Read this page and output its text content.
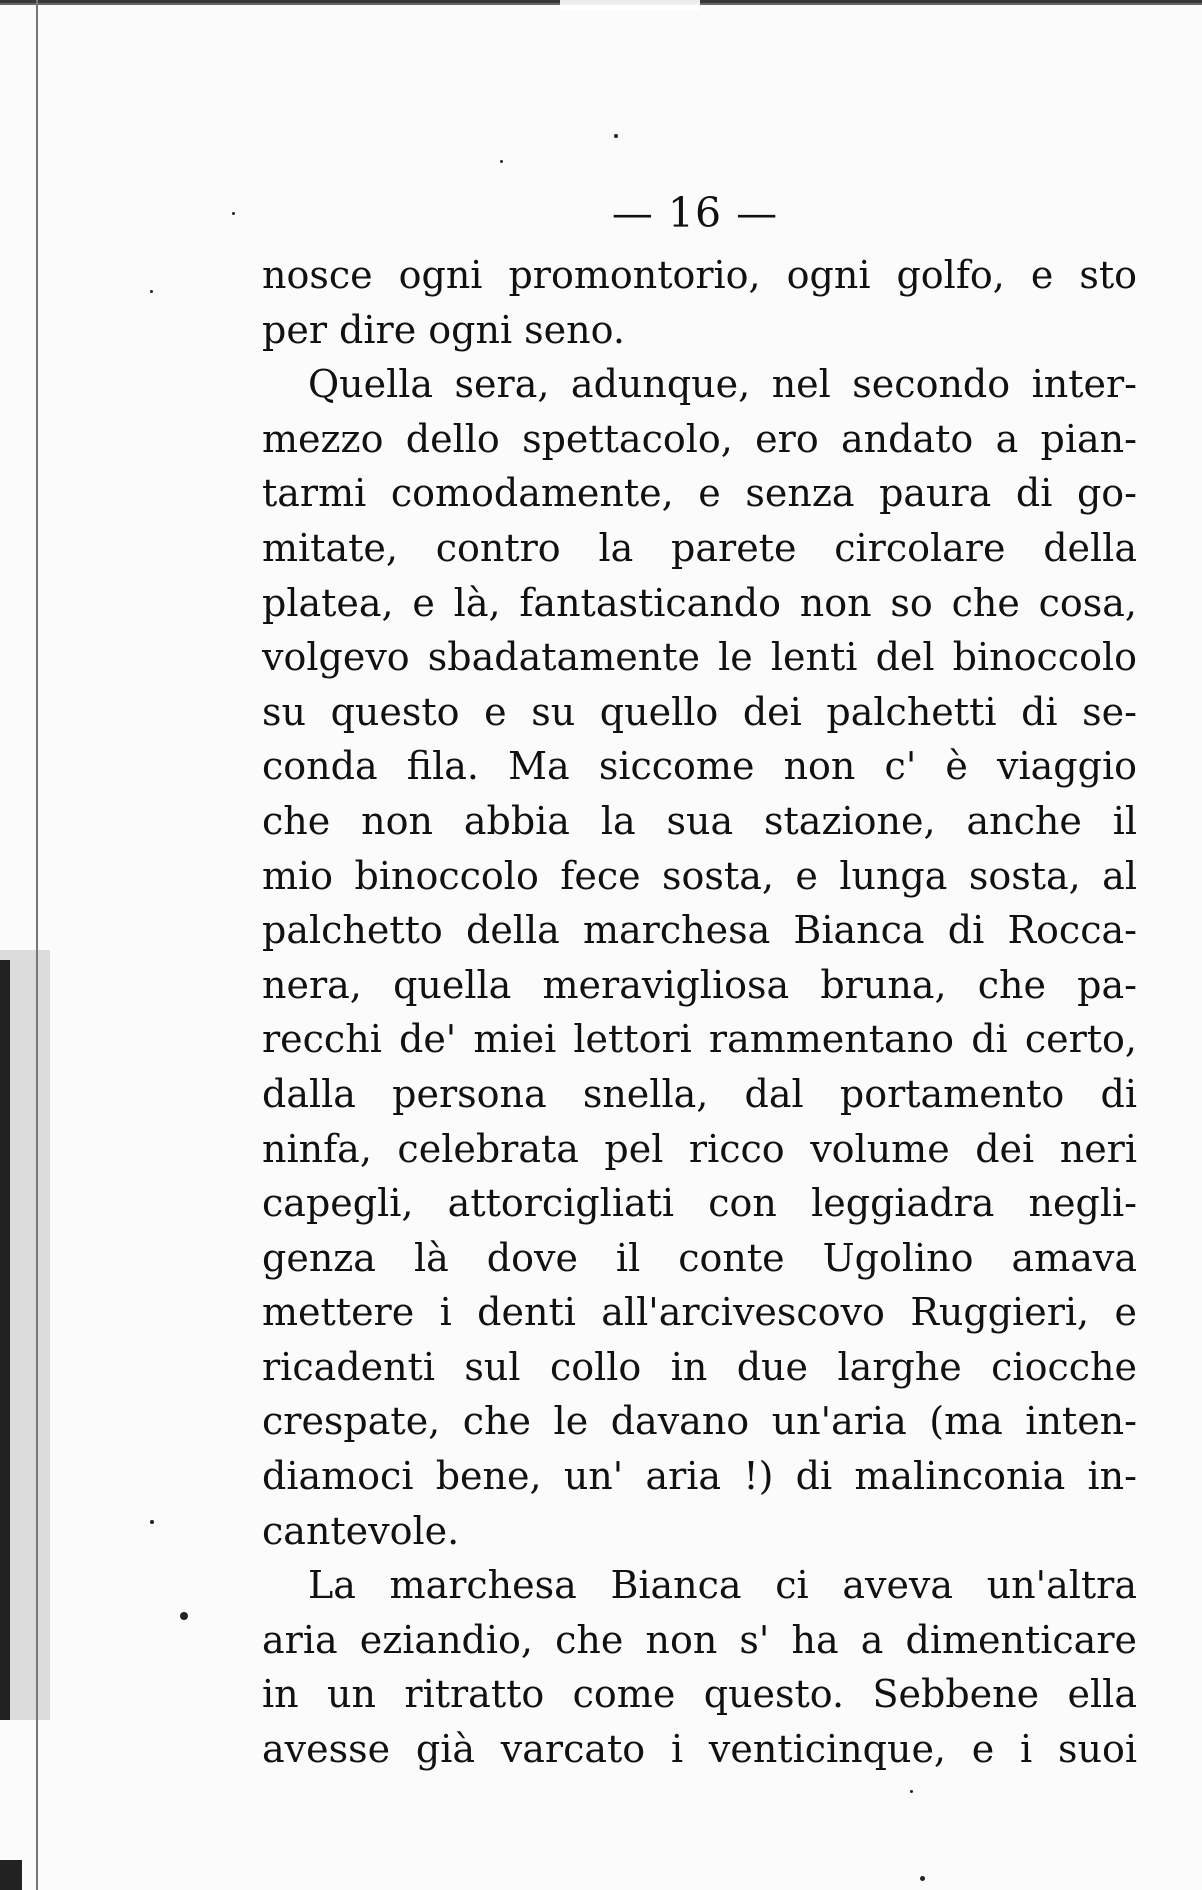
— 16 —
nosce ogni promontorio, ogni golfo, e sto
per dire ogni seno.
Quella sera, adunque, nel secondo inter-
mezzo dello spettacolo, ero andato a pian-
tarmi comodamente, e senza paura di go-
mitate, contro la parete circolare della
platea, e là, fantasticando non so che cosa,
volgevo sbadatamente le lenti del binoccolo
su questo e su quello dei palchetti di se-
conda fila. Ma siccome non c' è viaggio
che non abbia la sua stazione, anche il
mio binoccolo fece sosta, e lunga sosta, al
palchetto della marchesa Bianca di Rocca-
nera, quella meravigliosa bruna, che pa-
recchi de' miei lettori rammentano di certo,
dalla persona snella, dal portamento di
ninfa, celebrata pel ricco volume dei neri
capegli, attorcigliati con leggiadra negli-
genza là dove il conte Ugolino amava
mettere i denti all'arcivescovo Ruggieri, e
ricadenti sul collo in due larghe ciocche
crespate, che le davano un'aria (ma inten-
diamoci bene, un' aria !) di malinconia in-
cantevole.
La marchesa Bianca ci aveva un'altra
aria eziandio, che non s' ha a dimenticare
in un ritratto come questo. Sebbene ella
avesse già varcato i venticinque, e i suoi
